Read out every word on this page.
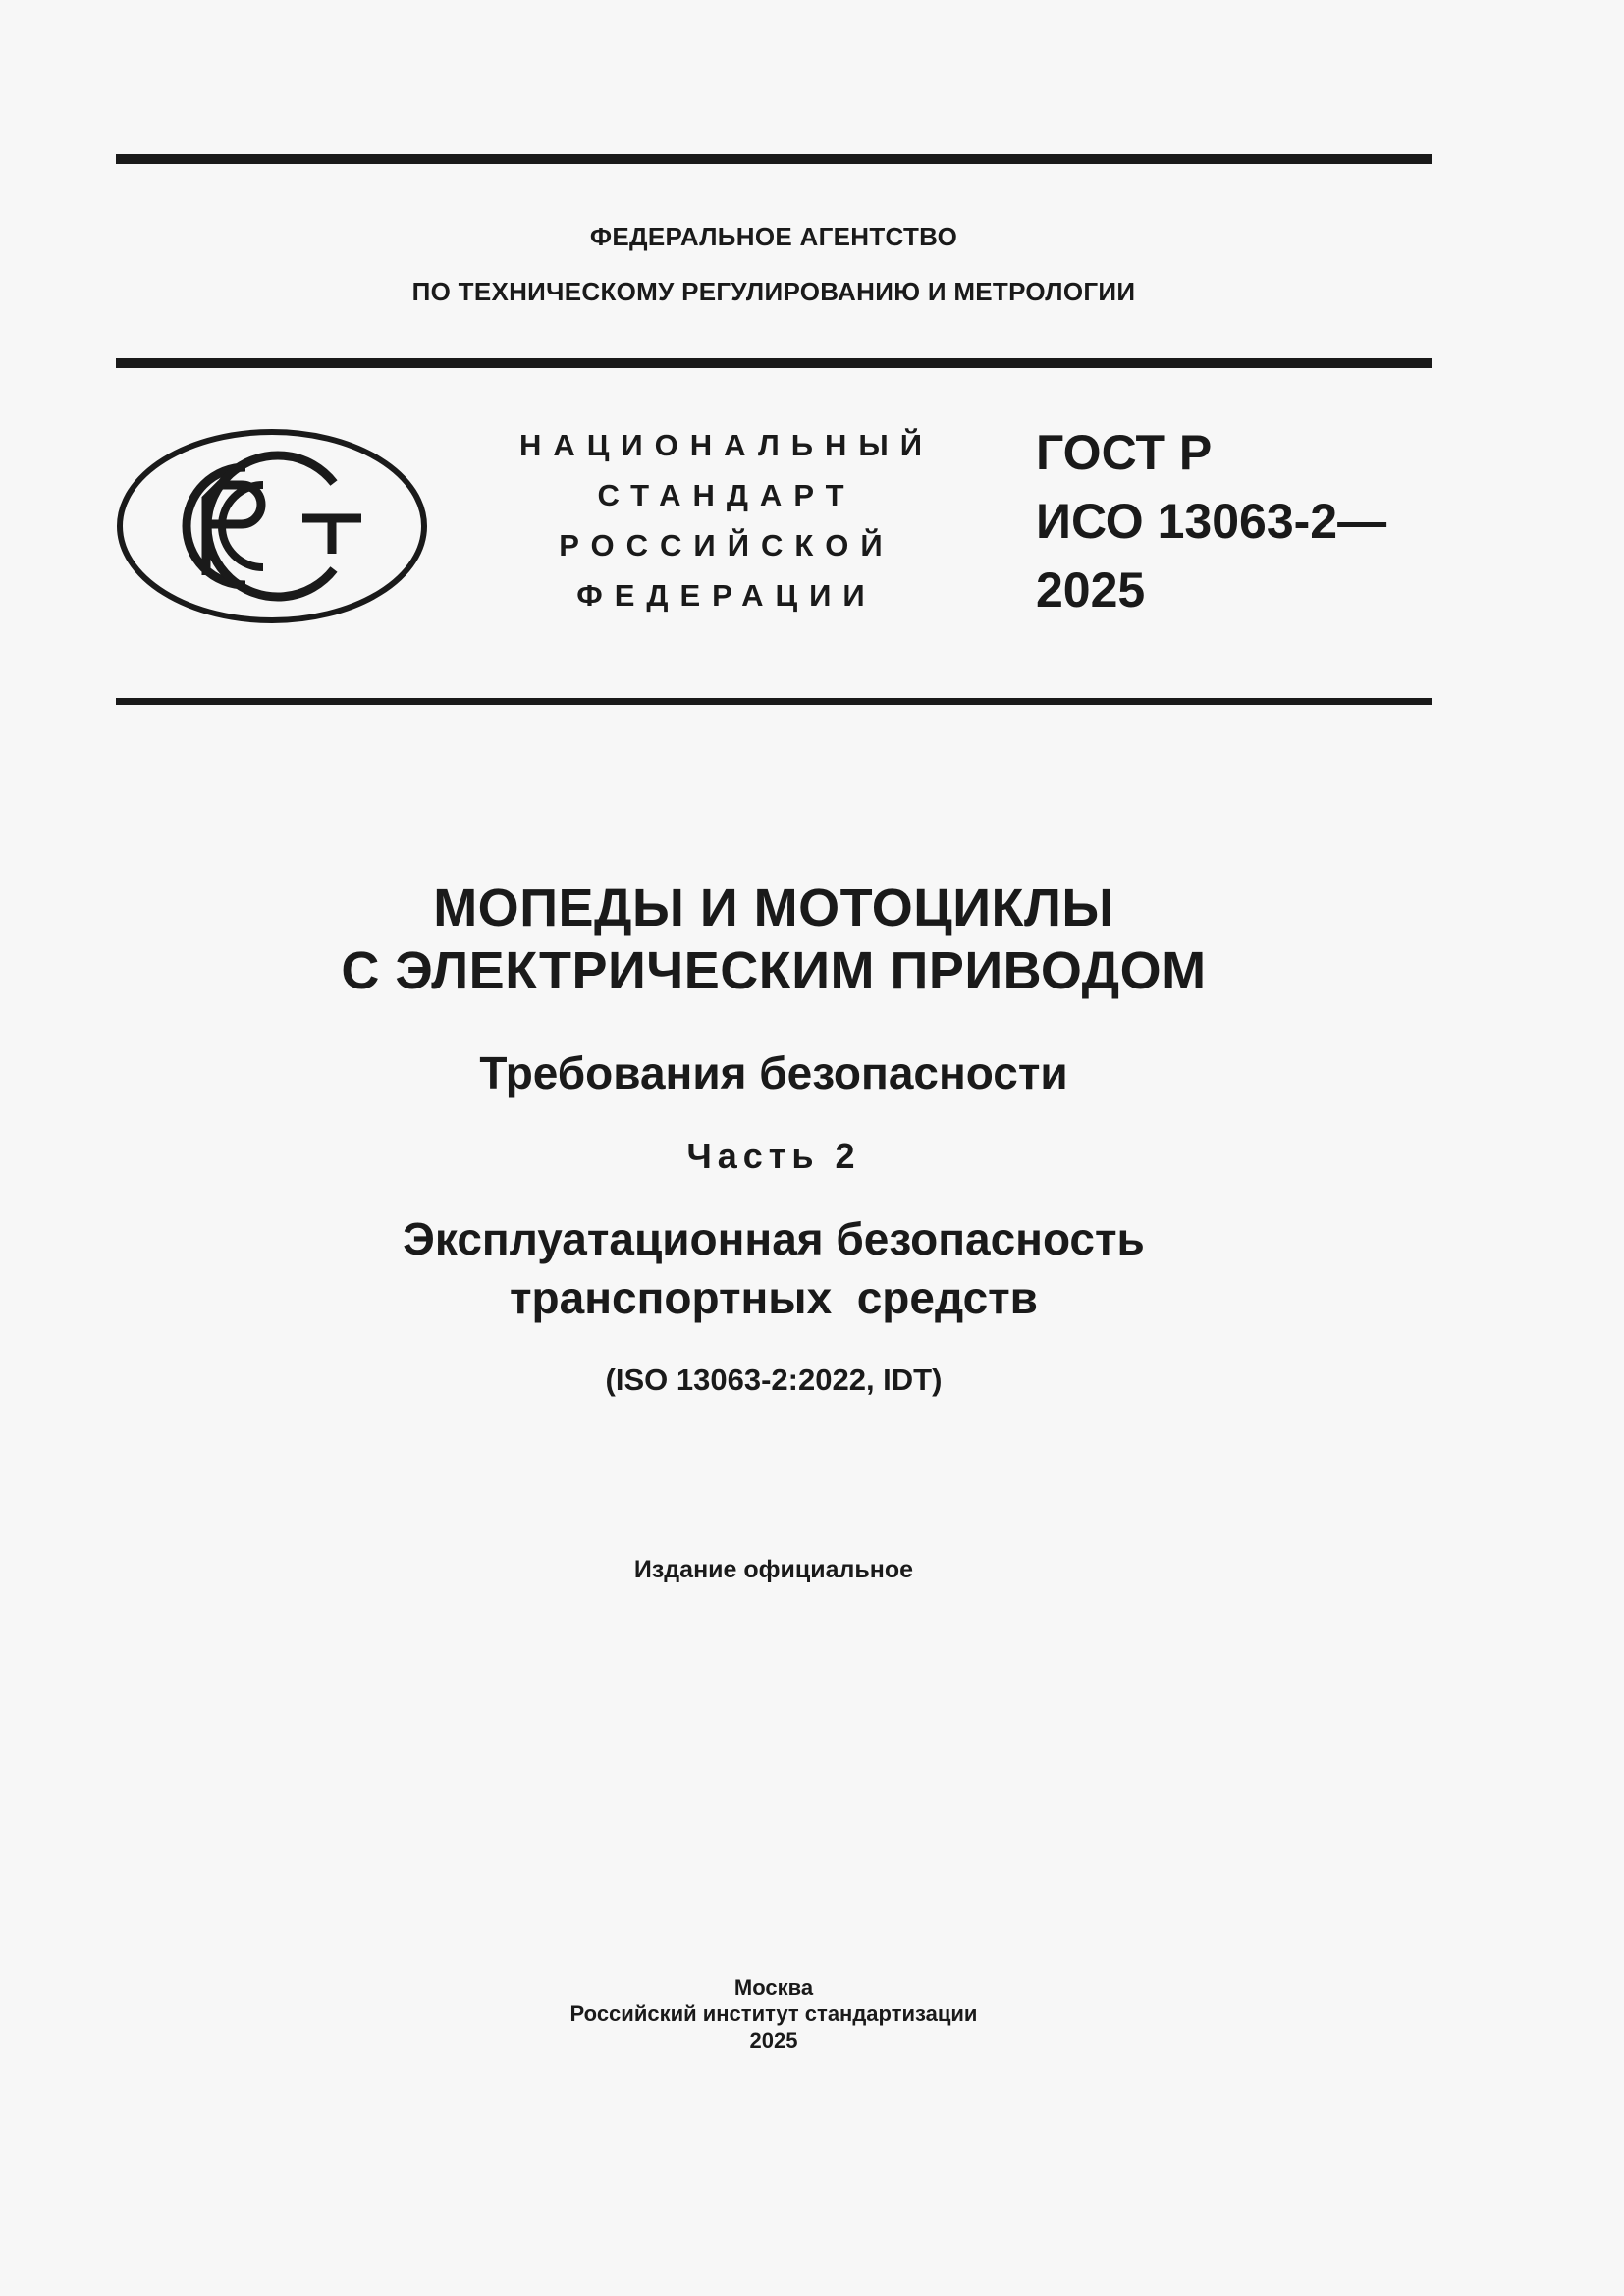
ФЕДЕРАЛЬНОЕ АГЕНТСТВО
ПО ТЕХНИЧЕСКОМУ РЕГУЛИРОВАНИЮ И МЕТРОЛОГИИ
НАЦИОНАЛЬНЫЙ
СТАНДАРТ
РОССИЙСКОЙ
ФЕДЕРАЦИИ
ГОСТ Р
ИСО 13063-2—
2025
МОПЕДЫ И МОТОЦИКЛЫ
С ЭЛЕКТРИЧЕСКИМ ПРИВОДОМ
Требования безопасности
Часть 2
Эксплуатационная безопасность
транспортных  средств
(ISO 13063-2:2022, IDT)
Издание официальное
Москва
Российский институт стандартизации
2025
